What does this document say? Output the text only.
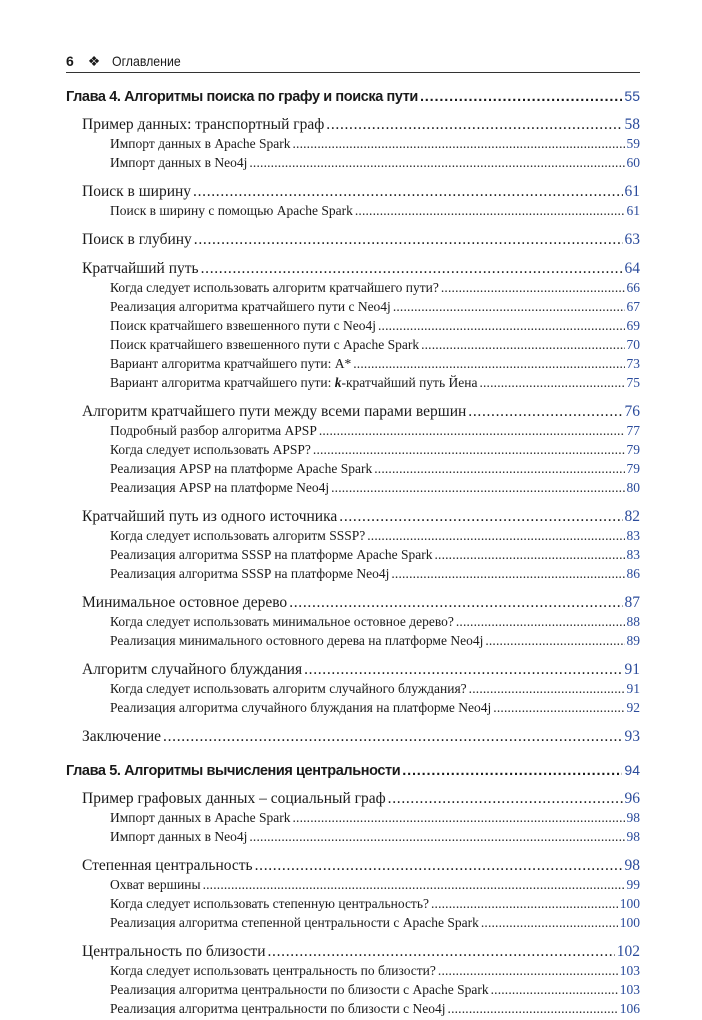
6 ❖ Оглавление
Глава 4. Алгоритмы поиска по графу и поиска пути . . .	55
Пример данных: транспортный граф . . .	58
Импорт данных в Apache Spark . . .	59
Импорт данных в Neo4j . . .	60
Поиск в ширину . . .	61
Поиск в ширину с помощью Apache Spark . . .	61
Поиск в глубину . . .	63
Кратчайший путь . . .	64
Когда следует использовать алгоритм кратчайшего пути? . . .	66
Реализация алгоритма кратчайшего пути с Neo4j . . .	67
Поиск кратчайшего взвешенного пути с Neo4j . . .	69
Поиск кратчайшего взвешенного пути с Apache Spark . . .	70
Вариант алгоритма кратчайшего пути: A* . . .	73
Вариант алгоритма кратчайшего пути: k-кратчайший путь Йена . . .	75
Алгоритм кратчайшего пути между всеми парами вершин . . .	76
Подробный разбор алгоритма APSP . . .	77
Когда следует использовать APSP? . . .	79
Реализация APSP на платформе Apache Spark . . .	79
Реализация APSP на платформе Neo4j . . .	80
Кратчайший путь из одного источника . . .	82
Когда следует использовать алгоритм SSSP? . . .	83
Реализация алгоритма SSSP на платформе Apache Spark . . .	83
Реализация алгоритма SSSP на платформе Neo4j . . .	86
Минимальное остовное дерево . . .	87
Когда следует использовать минимальное остовное дерево? . . .	88
Реализация минимального остовного дерева на платформе Neo4j . . .	89
Алгоритм случайного блуждания . . .	91
Когда следует использовать алгоритм случайного блуждания? . . .	91
Реализация алгоритма случайного блуждания на платформе Neo4j . . .	92
Заключение . . .	93
Глава 5. Алгоритмы вычисления центральности . . .	94
Пример графовых данных – социальный граф . . .	96
Импорт данных в Apache Spark . . .	98
Импорт данных в Neo4j . . .	98
Степенная центральность . . .	98
Охват вершины . . .	99
Когда следует использовать степенную центральность? . . .	100
Реализация алгоритма степенной центральности с Apache Spark . . .	100
Центральность по близости . . .	102
Когда следует использовать центральность по близости? . . .	103
Реализация алгоритма центральности по близости с Apache Spark . . .	103
Реализация алгоритма центральности по близости с Neo4j . . .	106
